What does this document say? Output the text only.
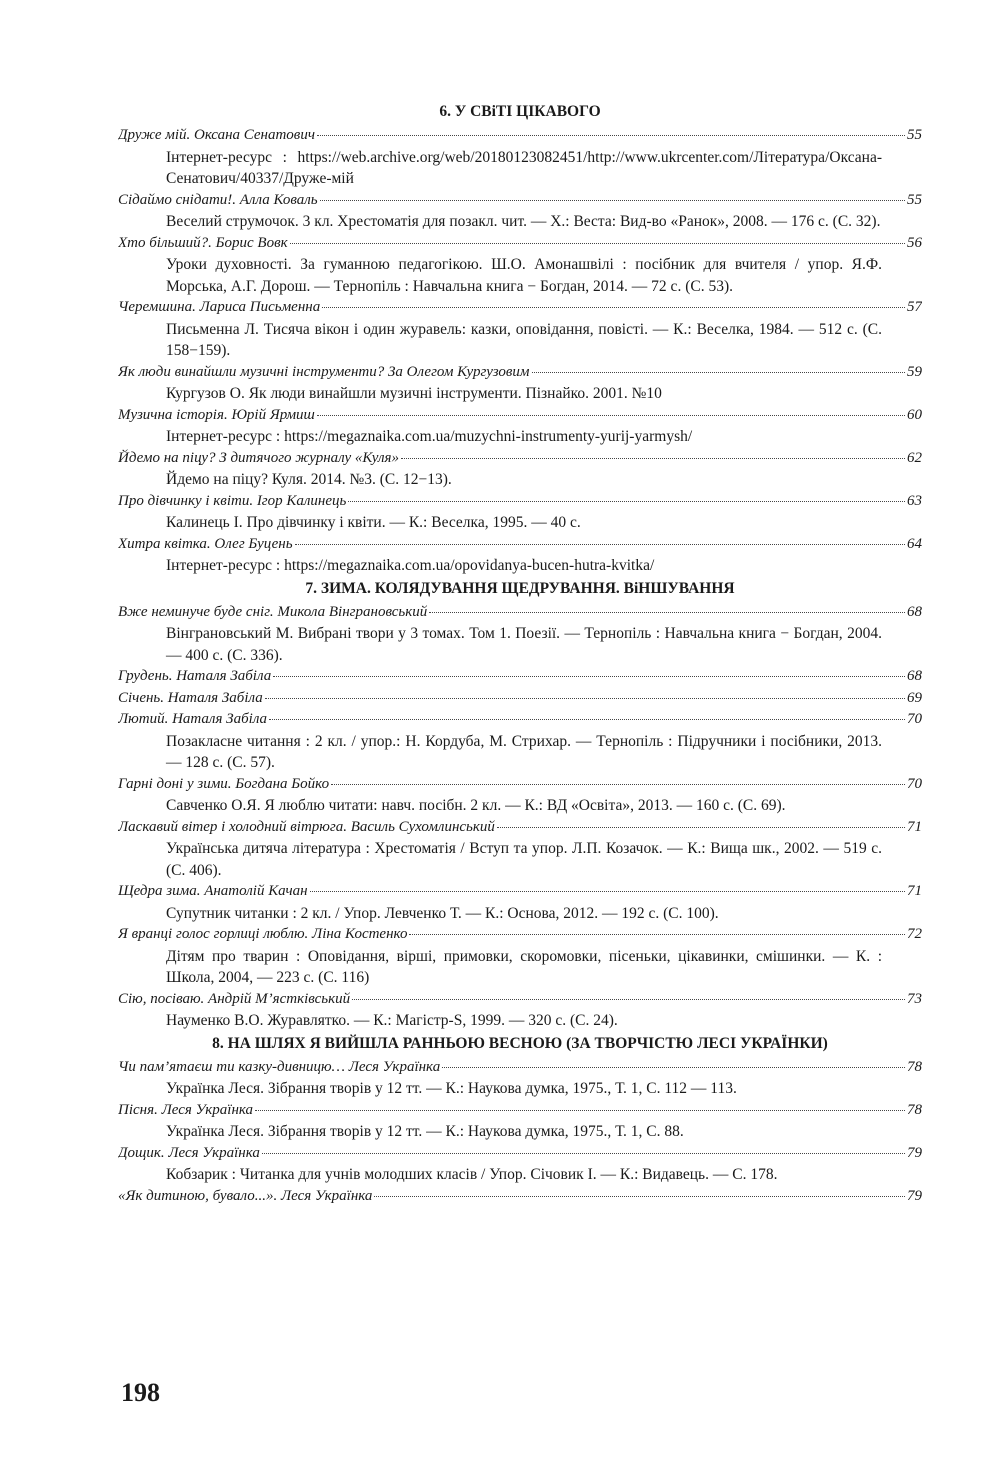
6. У СВіТІ ЦІКАВОГО
Друже мій. Оксана Сенатович	55
Інтернет-ресурс : https://web.archive.org/web/20180123082451/http://www.ukrcenter.com/Література/Оксана-Сенатович/40337/Друже-мій
Сідаймо снідати!. Алла Коваль	55
Веселий струмочок. 3 кл. Хрестоматія для позакл. чит. — Х.: Веста: Вид-во «Ранок», 2008. — 176 с. (С. 32).
Хто більший?. Борис Вовк	56
Уроки духовності. За гуманною педагогікою. Ш.О. Амонашвілі : посібник для вчителя / упор. Я.Ф. Морська, А.Г. Дорош. — Тернопіль : Навчальна книга − Богдан, 2014. — 72 с. (С. 53).
Черемшина. Лариса Письменна	57
Письменна Л. Тисяча вікон і один журавель: казки, оповідання, повісті. — К.: Веселка, 1984. — 512 с. (С. 158−159).
Як люди винайшли музичні інструменти? За Олегом Кургузовим	59
Кургузов О. Як люди винайшли музичні інструменти. Пізнайко. 2001. №10
Музична історія. Юрій Ярмиш	60
Інтернет-ресурс : https://megaznaika.com.ua/muzychni-instrumenty-yurij-yarmysh/
Йдемо на піцу? З дитячого журналу «Куля»	62
Йдемо на піцу? Куля. 2014. №3. (С. 12−13).
Про дівчинку і квіти. Ігор Калинець	63
Калинець І. Про дівчинку і квіти. — К.: Веселка, 1995. — 40 с.
Хитра квітка. Олег Буцень	64
Інтернет-ресурс : https://megaznaika.com.ua/opovidanya-bucen-hutra-kvitka/
7. ЗИМА. КОЛЯДУВАННЯ ЩЕДРУВАННЯ. ВіНШУВАННЯ
Вже неминуче буде сніг. Микола Вінграновський	68
Вінграновський М. Вибрані твори у 3 томах. Том 1. Поезії. — Тернопіль : Навчальна книга − Богдан, 2004. — 400 с. (С. 336).
Грудень. Наталя Забіла	68
Січень. Наталя Забіла	69
Лютий. Наталя Забіла	70
Позакласне читання : 2 кл. / упор.: Н. Кордуба, М. Стрихар. — Тернопіль : Підручники і посібники, 2013. — 128 с. (С. 57).
Гарні доні у зими. Богдана Бойко	70
Савченко О.Я. Я люблю читати: навч. посібн. 2 кл. — К.: ВД «Освіта», 2013. — 160 с. (С. 69).
Ласкавий вітер і холодний вітрюга. Василь Сухомлинський	71
Українська дитяча література : Хрестоматія / Вступ та упор. Л.П. Козачок. — К.: Вища шк., 2002. — 519 с. (С. 406).
Щедра зима. Анатолій Качан	71
Супутник читанки : 2 кл. / Упор. Левченко Т. — К.: Основа, 2012. — 192 с. (С. 100).
Я вранці голос горлиці люблю. Ліна Костенко	72
Дітям про тварин : Оповідання, вірші, примовки, скоромовки, пісеньки, цікавинки, смішинки. — К. : Школа, 2004, — 223 с. (С. 116)
Сію, посіваю. Андрій М’ястківський	73
Науменко В.О. Журавлятко. — К.: Магістр-S, 1999. — 320 с. (С. 24).
8. НА ШЛЯХ Я ВИЙШЛА РАННЬОЮ ВЕСНОЮ (ЗА ТВОРЧІСТЮ ЛЕСІ УКРАЇНКИ)
Чи пам’ятаєш ти казку-дивницю… Леся Українка	78
Українка Леся. Зібрання творів у 12 тт. — К.: Наукова думка, 1975., Т. 1, С. 112 — 113.
Пісня. Леся Українка	78
Українка Леся. Зібрання творів у 12 тт. — К.: Наукова думка, 1975., Т. 1, С. 88.
Дощик. Леся Українка	79
Кобзарик : Читанка для учнів молодших класів / Упор. Січовик І. — К.: Видавець. — С. 178.
«Як дитиною, бувало...». Леся Українка	79
198
